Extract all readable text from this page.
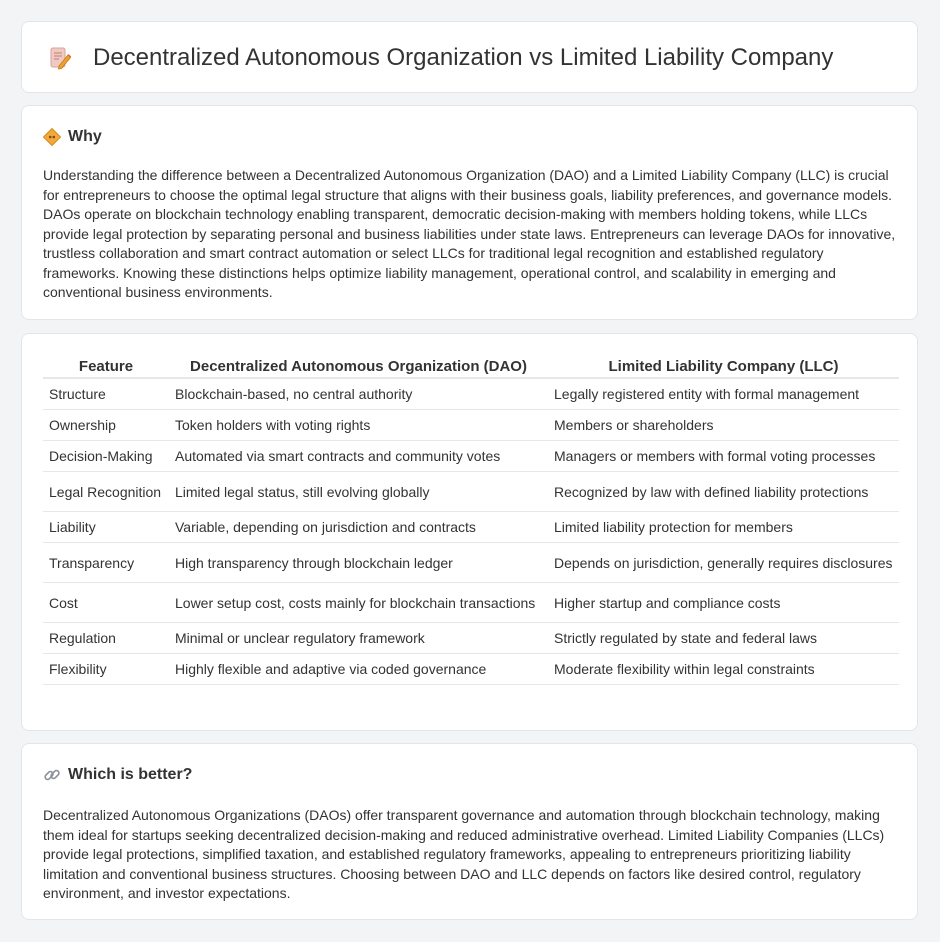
Decentralized Autonomous Organization vs Limited Liability Company
Why

Understanding the difference between a Decentralized Autonomous Organization (DAO) and a Limited Liability Company (LLC) is crucial for entrepreneurs to choose the optimal legal structure that aligns with their business goals, liability preferences, and governance models. DAOs operate on blockchain technology enabling transparent, democratic decision-making with members holding tokens, while LLCs provide legal protection by separating personal and business liabilities under state laws. Entrepreneurs can leverage DAOs for innovative, trustless collaboration and smart contract automation or select LLCs for traditional legal recognition and established regulatory frameworks. Knowing these distinctions helps optimize liability management, operational control, and scalability in emerging and conventional business environments.

Feature	Decentralized Autonomous Organization (DAO)	Limited Liability Company (LLC)
Structure	Blockchain-based, no central authority	Legally registered entity with formal management
Ownership	Token holders with voting rights	Members or shareholders
Decision-Making	Automated via smart contracts and community votes	Managers or members with formal voting processes
Legal Recognition	Limited legal status, still evolving globally	Recognized by law with defined liability protections
Liability	Variable, depending on jurisdiction and contracts	Limited liability protection for members
Transparency	High transparency through blockchain ledger	Depends on jurisdiction, generally requires disclosures
Cost	Lower setup cost, costs mainly for blockchain transactions	Higher startup and compliance costs
Regulation	Minimal or unclear regulatory framework	Strictly regulated by state and federal laws
Flexibility	Highly flexible and adaptive via coded governance	Moderate flexibility within legal constraints
Which is better?

Decentralized Autonomous Organizations (DAOs) offer transparent governance and automation through blockchain technology, making them ideal for startups seeking decentralized decision-making and reduced administrative overhead. Limited Liability Companies (LLCs) provide legal protections, simplified taxation, and established regulatory frameworks, appealing to entrepreneurs prioritizing liability limitation and conventional business structures. Choosing between DAO and LLC depends on factors like desired control, regulatory environment, and investor expectations.
